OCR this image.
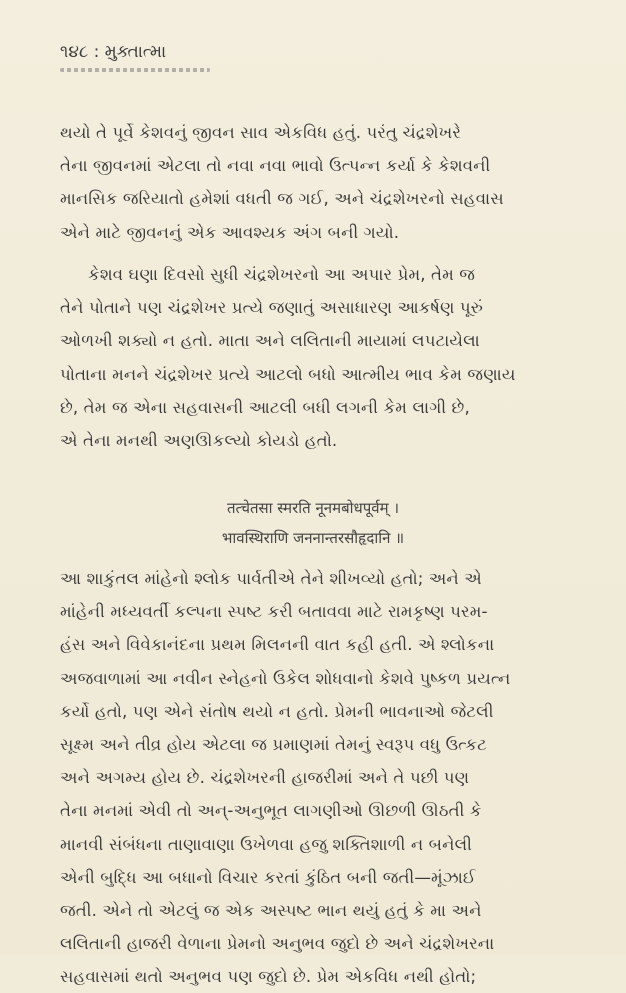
૧૪૮ : મુક્તાત્મા
થયો તે પૂર્વે કેશવનું જીવન સાવ એકવિધ હતું. પરંતુ ચંદ્રશેખરે
તેના જીવનમાં એટલા તો નવા નવા ભાવો ઉત્પન્ન કર્યા કે કેશવની
માનસિક જરિયાતો હમેશાં વધતી જ ગઈ, અને ચંદ્રશેખરનો સહવાસ
એને માટે જીવનનું એક આવશ્યક અંગ બની ગયો.
કેશવ ઘણા દિવસો સુધી ચંદ્રશેખરનો આ અપાર પ્રેમ, તેમ જ
તેને પોતાને પણ ચંદ્રશેખર પ્રત્યે જણાતું અસાધારણ આકર્ષણ પૂરું
ઓળખી શક્યો ન હતો. માતા અને લલિતાની માયામાં લપટાયેલા
પોતાના મનને ચંદ્રશેખર પ્રત્યે આટલો બધો આત્મીય ભાવ કેમ જણાય
છે, તેમ જ એના સહવાસની આટલી બધી લગની કેમ લાગી છે,
એ તેના મનથી અણઊકલ્યો કોયડો હતો.
तत्चेतसा स्मरति नूनमबोधपूर्वम् ।
भावस्थिराणि जननान्तरसौहृदानि ॥
આ શાકુંતલ માંહેનો શ્લોક પાર્વતીએ તેને શીખવ્યો હતો; અને એ
માંહેની મધ્યવર્તી કલ્પના સ્પષ્ટ કરી બતાવવા માટે રામકૃષ્ણ પરમ-
હંસ અને વિવેકાનંદના પ્રથમ મિલનની વાત કહી હતી. એ શ્લોકના
અજવાળામાં આ નવીન સ્નેહનો ઉકેલ શોધવાનો કેશવે પુષ્કળ પ્રયત્ન
કર્યો હતો, પણ એને સંતોષ થયો ન હતો. પ્રેમની ભાવનાઓ જેટલી
સૂક્ષ્મ અને તીવ્ર હોય એટલા જ પ્રમાણમાં તેમનું સ્વરૂપ વધુ ઉત્કટ
અને અગમ્ય હોય છે. ચંદ્રશેખરની હાજરીમાં અને તે પછી પણ
તેના મનમાં એવી તો અન્-અનુભૂત લાગણીઓ ઊછળી ઊઠતી કે
માનવી સંબંધના તાણાવાણા ઉખેળવા હજુ શક્તિશાળી ન બનેલી
એની બુદ્ધિ આ બધાનો વિચાર કરતાં કુંઠિત બની જતી—મૂંઝાઈ
જતી. એને તો એટલું જ એક અસ્પષ્ટ ભાન થયું હતું કે મા અને
લલિતાની હાજરી વેળાના પ્રેમનો અનુભવ જુદો છે અને ચંદ્રશેખરના
સહવાસમાં થતો અનુભવ પણ જુદો છે. પ્રેમ એકવિધ નથી હોતો;
